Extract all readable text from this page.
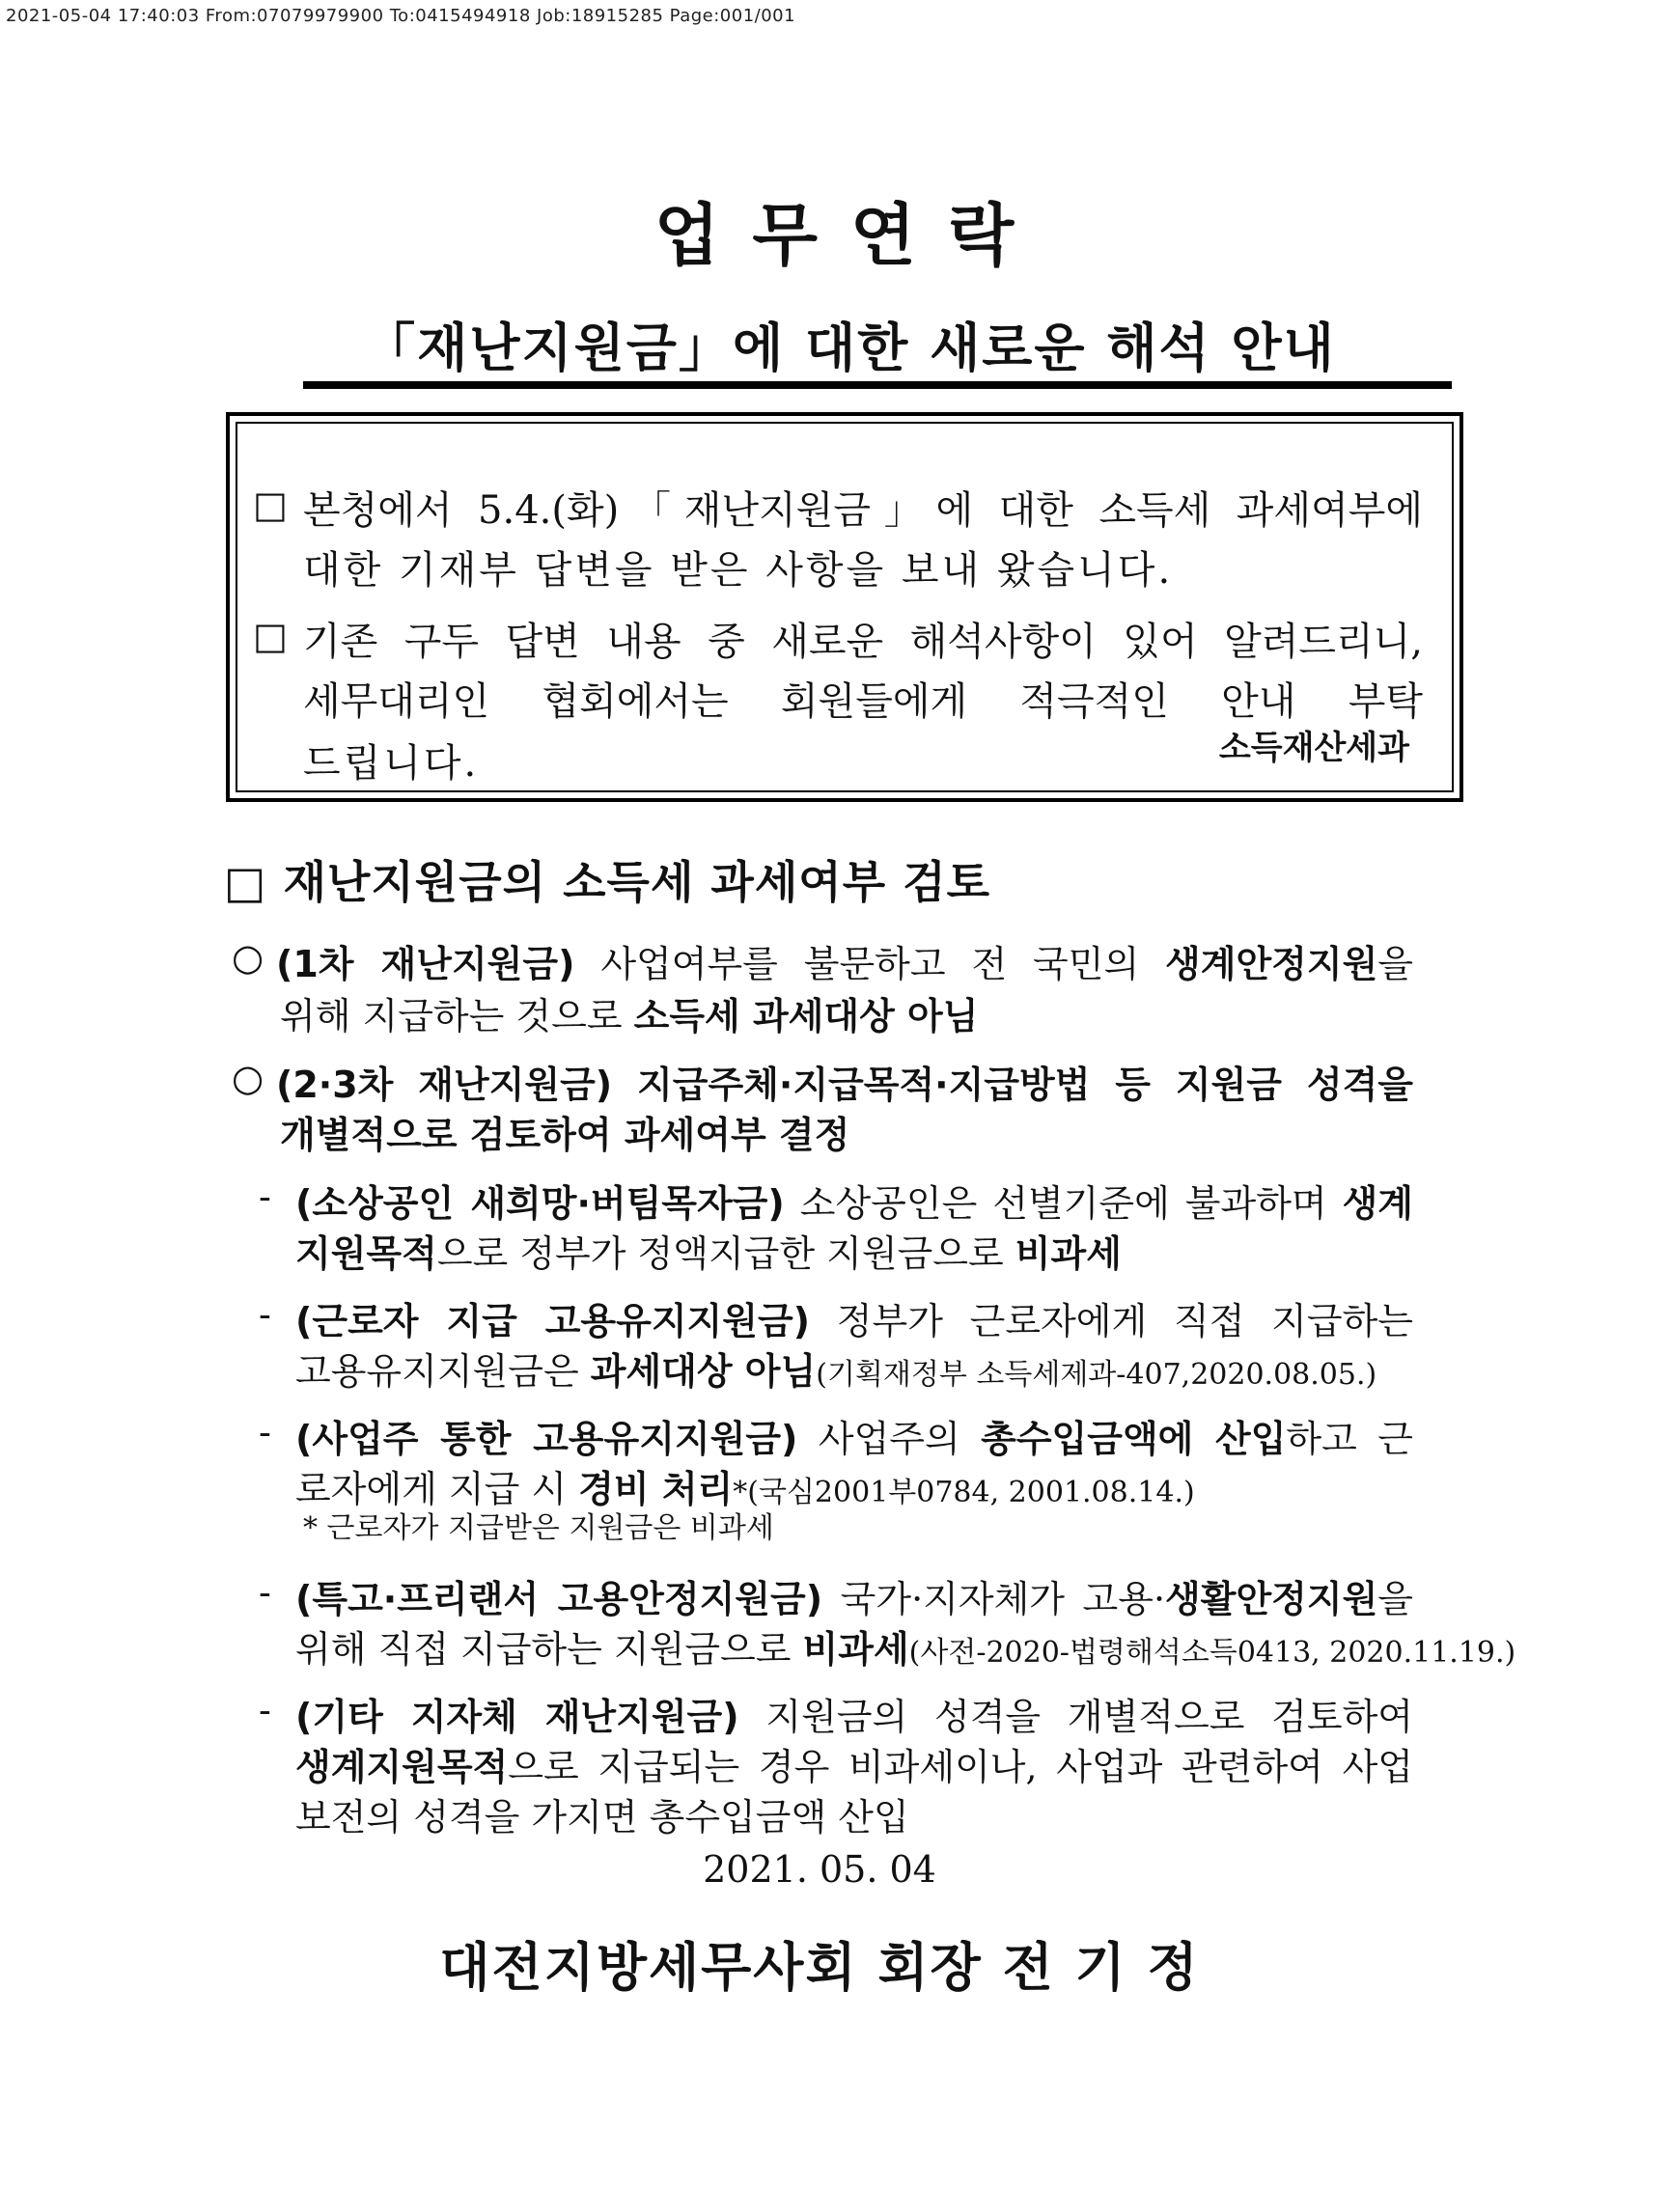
2021-05-04 17:40:03 From:07079979900 To:0415494918 Job:18915285 Page:001/001
업무연락
「재난지원금」에 대한 새로운 해석 안내
□ 본청에서 5.4.(화)「재난지원금」에 대한 소득세 과세여부에
대한 기재부 답변을 받은 사항을 보내 왔습니다.
□ 기존 구두 답변 내용 중 새로운 해석사항이 있어 알려드리니,
세무대리인 협회에서는 회원들에게 적극적인 안내 부탁
드립니다.	소득재산세과
□ 재난지원금의 소득세 과세여부 검토
○ (1차 재난지원금) 사업여부를 불문하고 전 국민의 생계안정지원을
위해 지급하는 것으로 소득세 과세대상 아님
○ (2·3차 재난지원금) 지급주체·지급목적·지급방법 등 지원금 성격을
개별적으로 검토하여 과세여부 결정
- (소상공인 새희망·버팀목자금) 소상공인은 선별기준에 불과하며 생계
지원목적으로 정부가 정액지급한 지원금으로 비과세
- (근로자 지급 고용유지지원금) 정부가 근로자에게 직접 지급하는
고용유지지원금은 과세대상 아님(기획재정부 소득세제과-407,2020.08.05.)
- (사업주 통한 고용유지지원금) 사업주의 총수입금액에 산입하고 근
로자에게 지급 시 경비 처리*(국심2001부0784, 2001.08.14.)
* 근로자가 지급받은 지원금은 비과세
- (특고·프리랜서 고용안정지원금) 국가·지자체가 고용·생활안정지원을
위해 직접 지급하는 지원금으로 비과세(사전-2020-법령해석소득0413, 2020.11.19.)
- (기타 지자체 재난지원금) 지원금의 성격을 개별적으로 검토하여
생계지원목적으로 지급되는 경우 비과세이나, 사업과 관련하여 사업
보전의 성격을 가지면 총수입금액 산입
2021. 05. 04
대전지방세무사회 회장 전 기 정
